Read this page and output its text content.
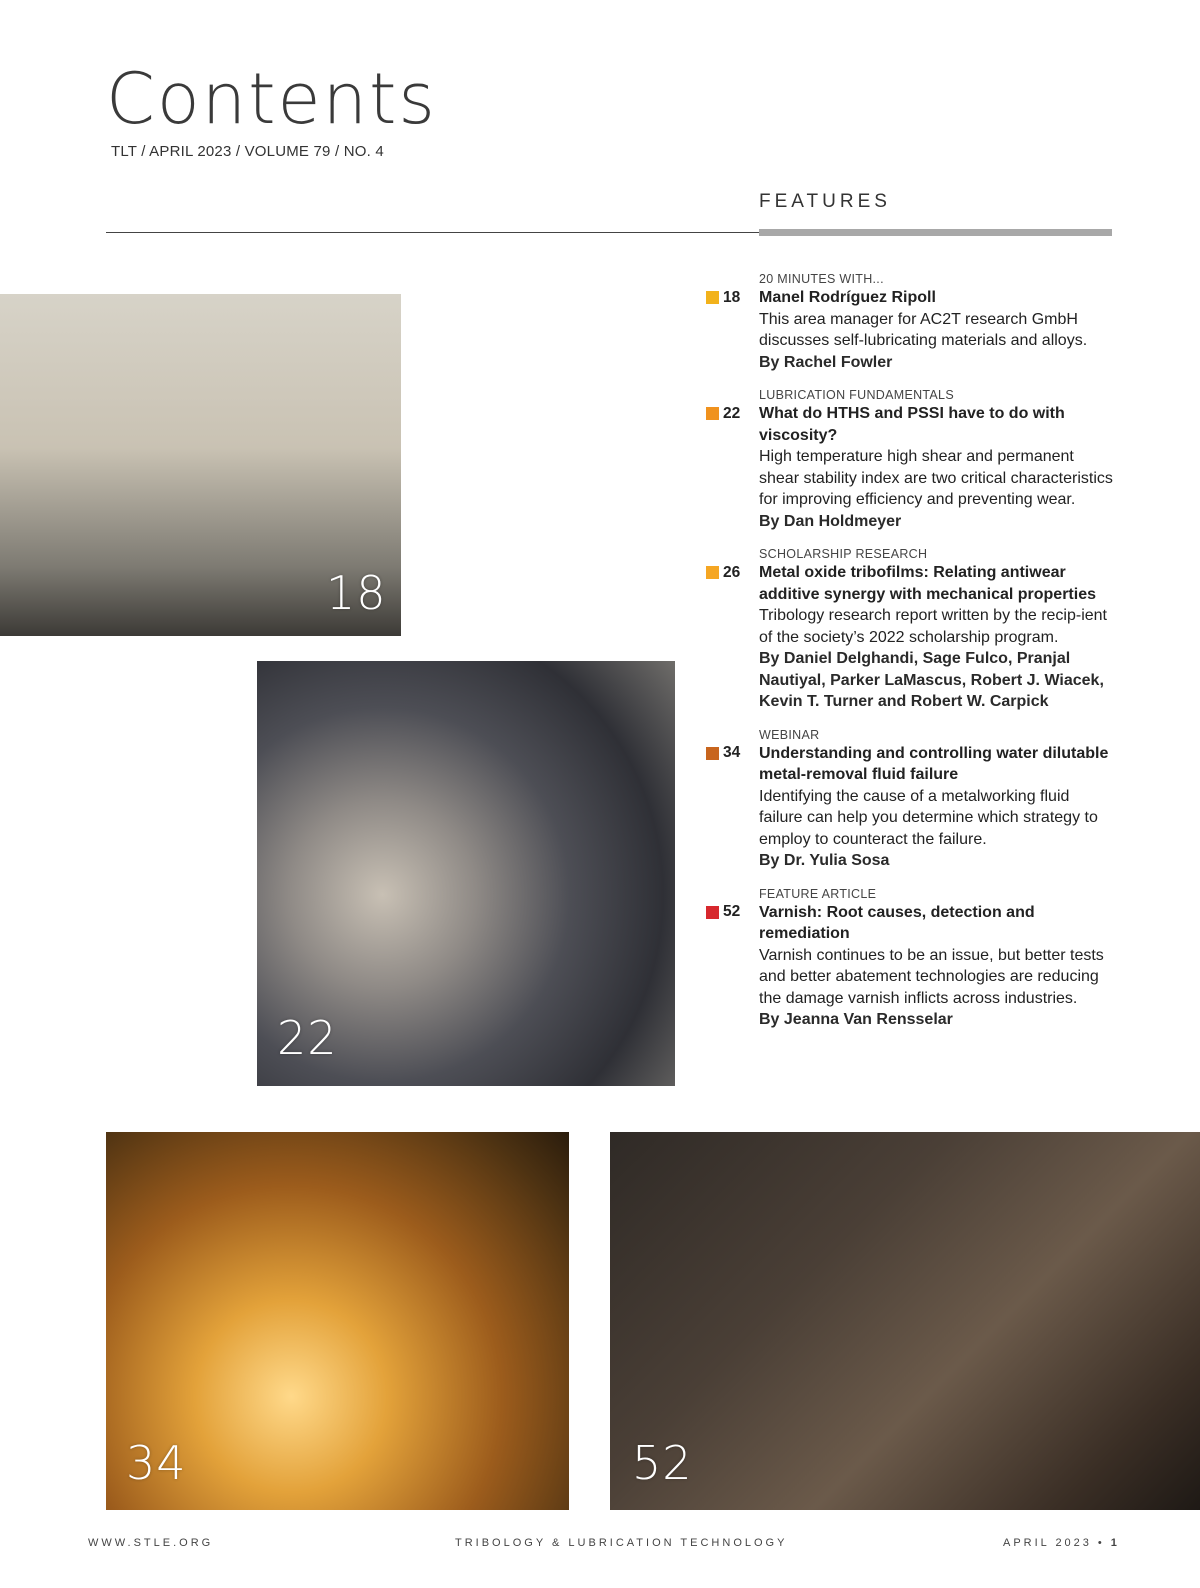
Contents
TLT / APRIL 2023 / VOLUME 79 / NO. 4
FEATURES
20 MINUTES WITH...
18 Manel Rodríguez Ripoll
This area manager for AC2T research GmbH discusses self-lubricating materials and alloys.
By Rachel Fowler
LUBRICATION FUNDAMENTALS
22 What do HTHS and PSSI have to do with viscosity?
High temperature high shear and permanent shear stability index are two critical characteristics for improving efficiency and preventing wear.
By Dan Holdmeyer
SCHOLARSHIP RESEARCH
26 Metal oxide tribofilms: Relating antiwear additive synergy with mechanical properties
Tribology research report written by the recip-ient of the society’s 2022 scholarship program.
By Daniel Delghandi, Sage Fulco, Pranjal Nautiyal, Parker LaMascus, Robert J. Wiacek, Kevin T. Turner and Robert W. Carpick
WEBINAR
34 Understanding and controlling water dilutable metal-removal fluid failure
Identifying the cause of a metalworking fluid failure can help you determine which strategy to employ to counteract the failure.
By Dr. Yulia Sosa
FEATURE ARTICLE
52 Varnish: Root causes, detection and remediation
Varnish continues to be an issue, but better tests and better abatement technologies are reducing the damage varnish inflicts across industries.
By Jeanna Van Rensselar
18
22
34	52
WWW.STLE.ORG	TRIBOLOGY & LUBRICATION TECHNOLOGY	APRIL 2023 • 1
